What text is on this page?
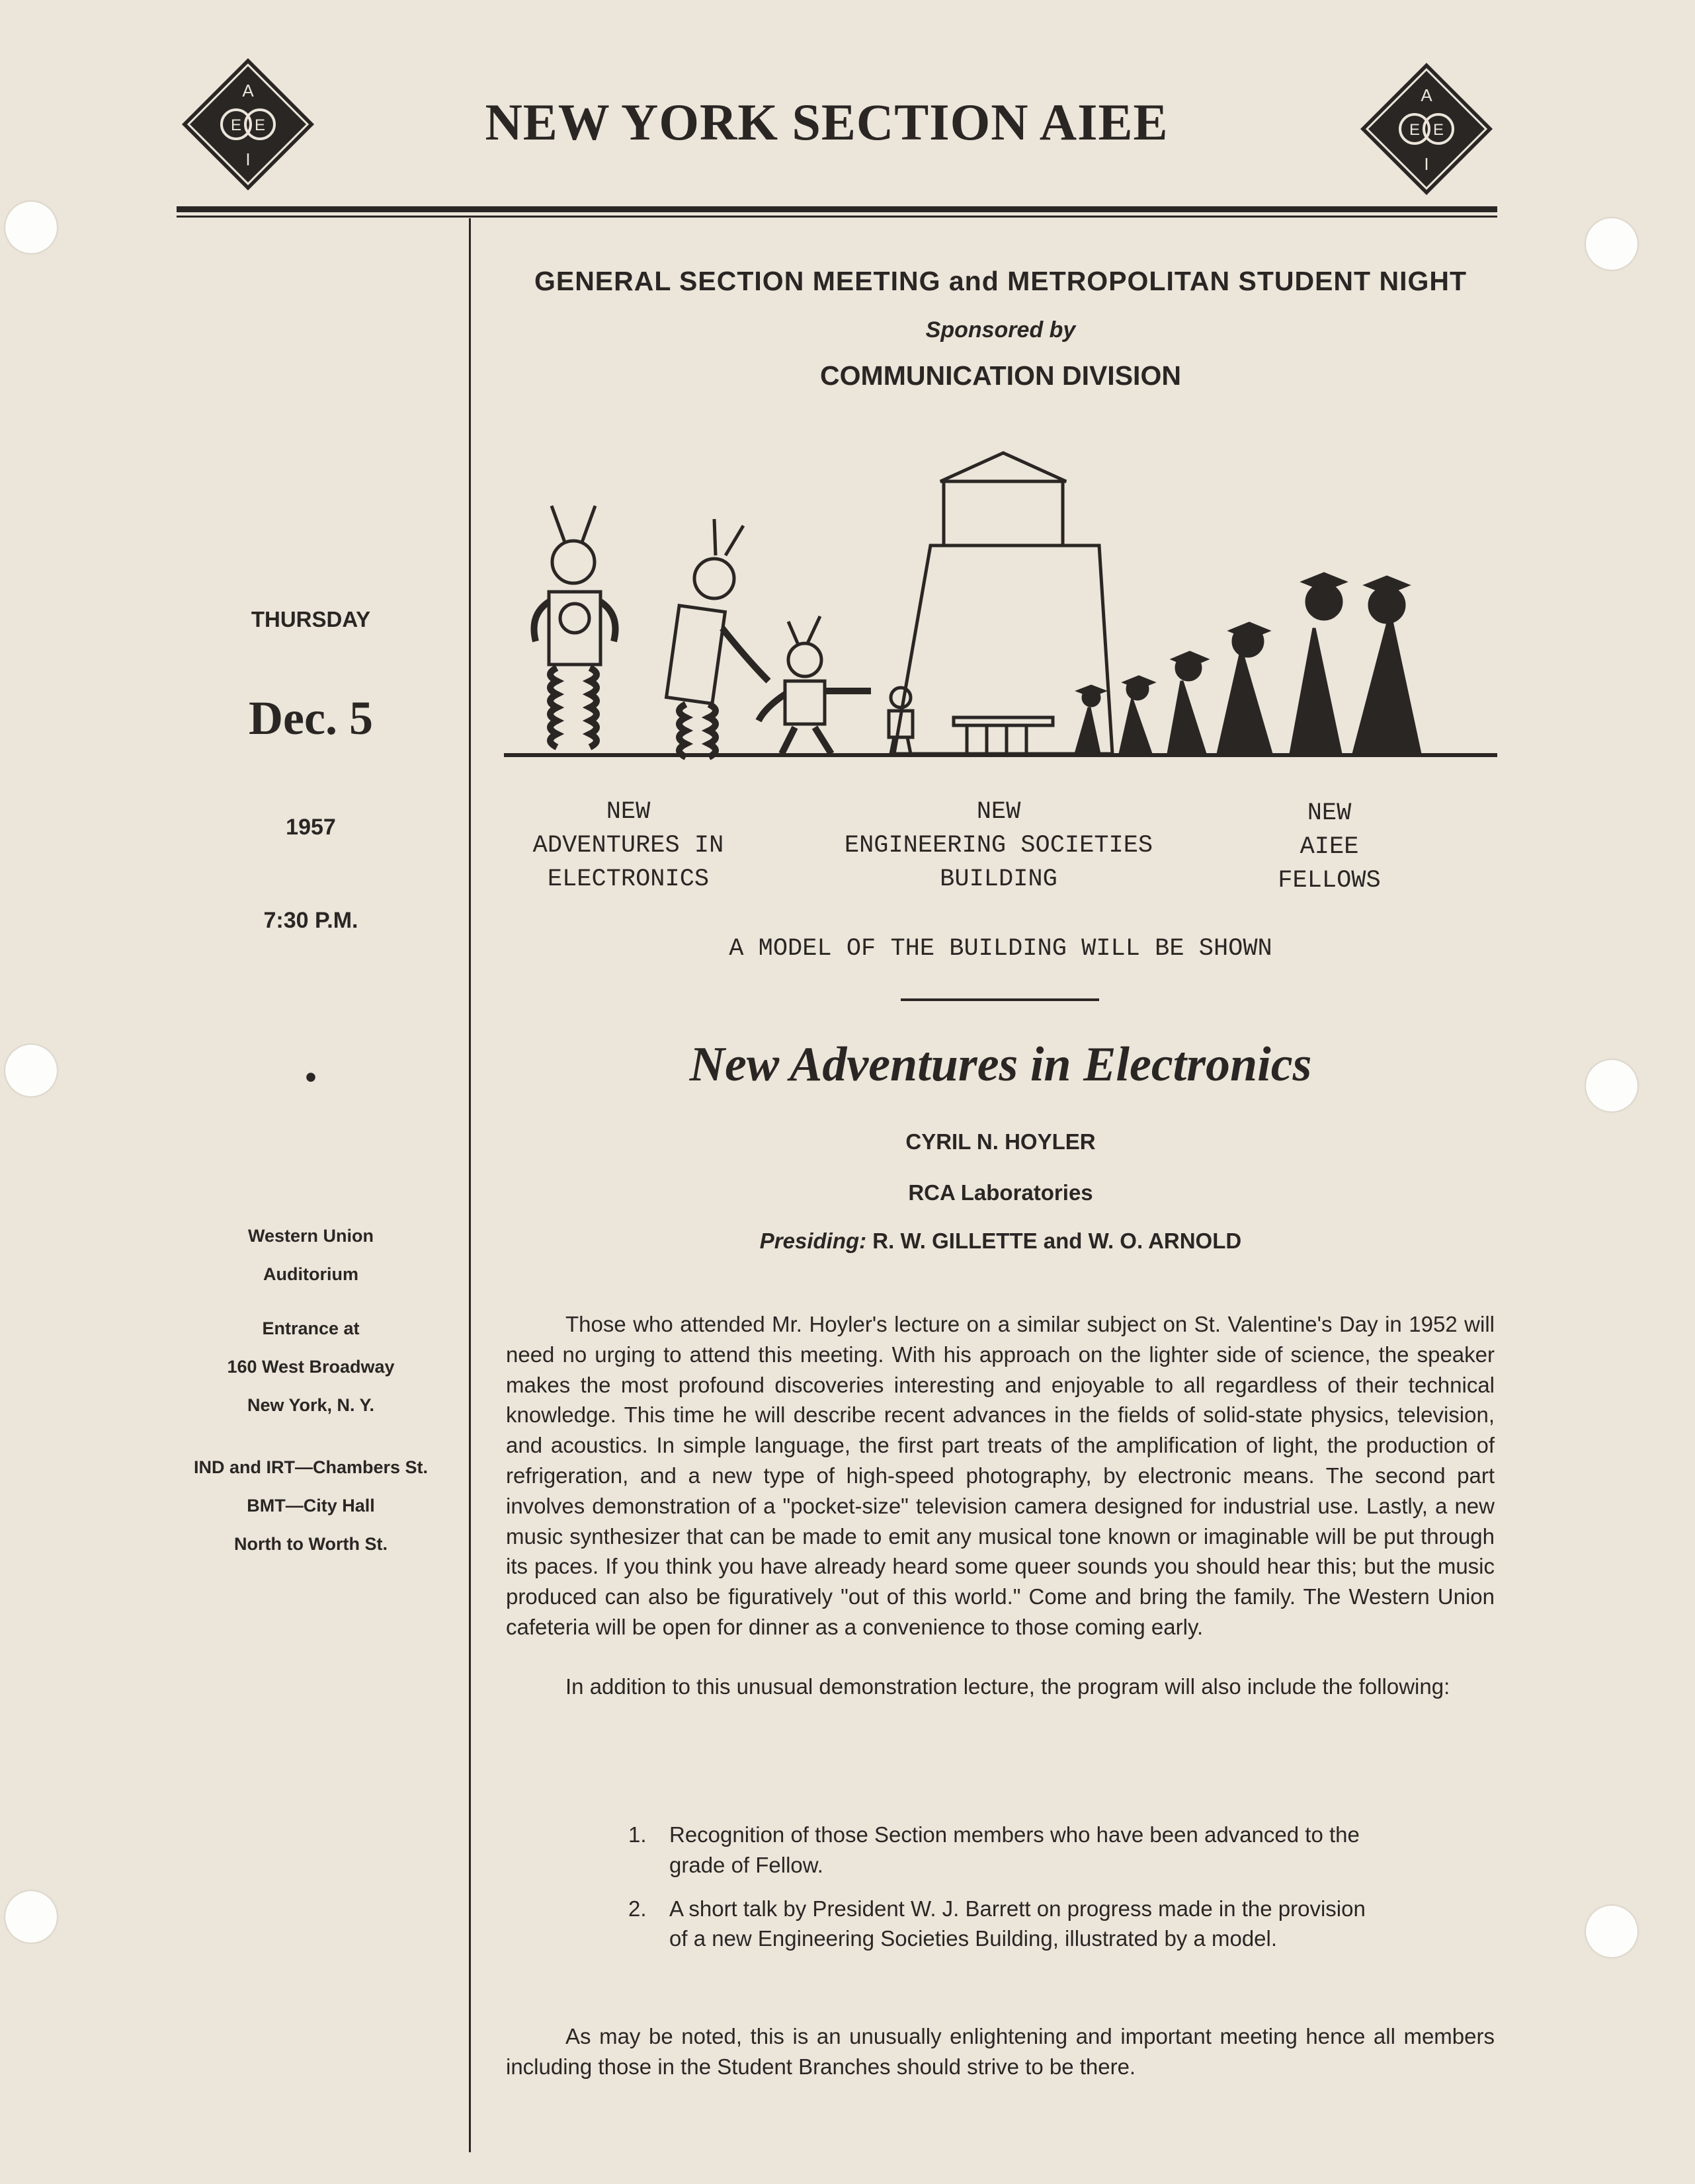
A
E E
I
A
E E
I
NEW YORK SECTION AIEE
THURSDAY
Dec. 5
1957
7:30 P.M.
•
Western Union
Auditorium
Entrance at
160 West Broadway
New York, N. Y.
IND and IRT—Chambers St.
BMT—City Hall
North to Worth St.
GENERAL SECTION MEETING and METROPOLITAN STUDENT NIGHT
Sponsored by
COMMUNICATION DIVISION
NEW
ADVENTURES IN
ELECTRONICS
NEW
ENGINEERING SOCIETIES
BUILDING
NEW
AIEE
FELLOWS
A MODEL OF THE BUILDING WILL BE SHOWN
New Adventures in Electronics
CYRIL N. HOYLER
RCA Laboratories
Presiding: R. W. GILLETTE and W. O. ARNOLD

Those who attended Mr. Hoyler's lecture on a similar subject on St. Valentine's Day in 1952 will need no urging to attend this meeting. With his approach on the lighter side of science, the speaker makes the most profound discoveries interesting and enjoyable to all regardless of their technical knowledge. This time he will describe recent advances in the fields of solid-state physics, television, and acoustics. In simple language, the first part treats of the amplification of light, the production of refrigeration, and a new type of high-speed photography, by electronic means. The second part involves demonstration of a "pocket-size" television camera designed for industrial use. Lastly, a new music synthesizer that can be made to emit any musical tone known or imaginable will be put through its paces. If you think you have already heard some queer sounds you should hear this; but the music produced can also be figuratively "out of this world." Come and bring the family. The Western Union cafeteria will be open for dinner as a convenience to those coming early.

In addition to this unusual demonstration lecture, the program will also include the following:

1.	Recognition of those Section members who have been advanced to the grade of Fellow.
2.	A short talk by President W. J. Barrett on progress made in the provision of a new Engineering Societies Building, illustrated by a model.

As may be noted, this is an unusually enlightening and important meeting hence all members including those in the Student Branches should strive to be there.
